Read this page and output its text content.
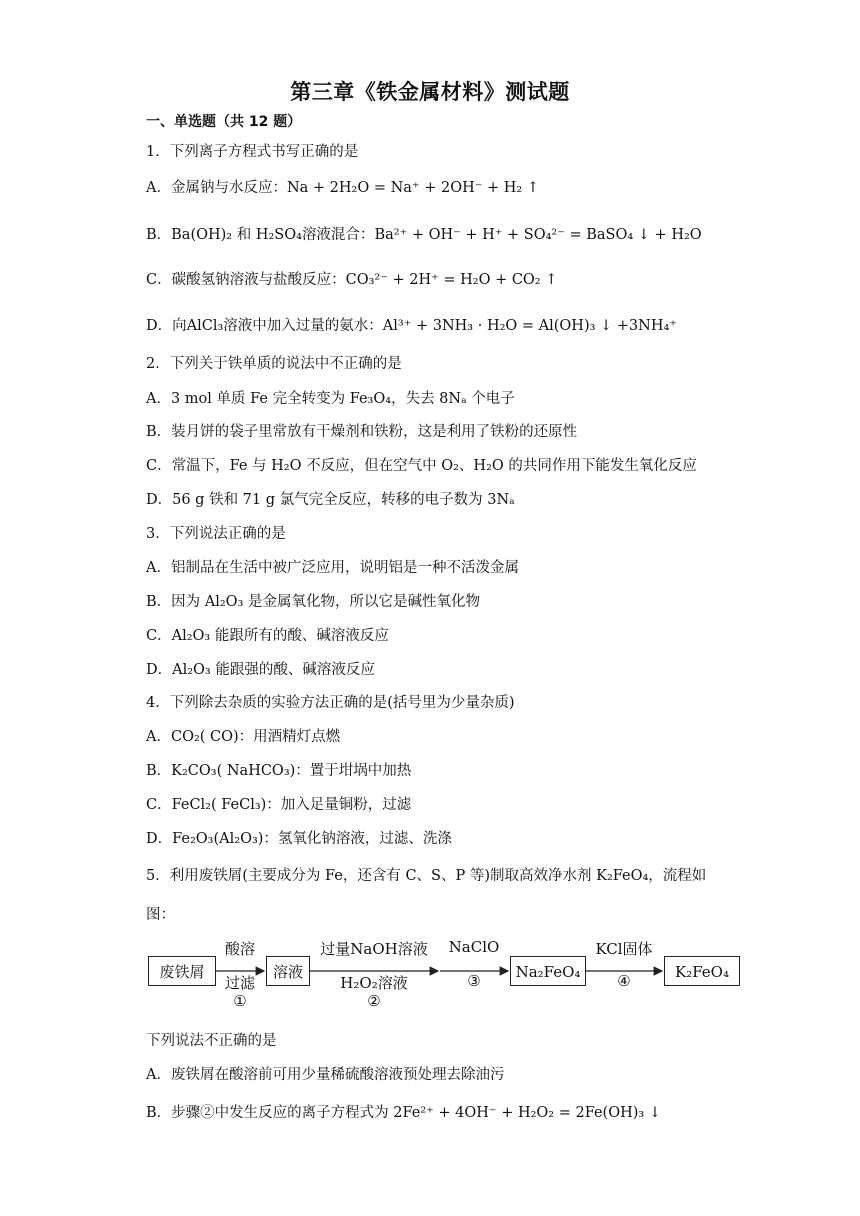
第三章《铁金属材料》测试题
一、单选题（共 12 题）
1．下列离子方程式书写正确的是
A．金属钠与水反应：Na + 2H₂O = Na⁺ + 2OH⁻ + H₂ ↑
B．Ba(OH)₂ 和 H₂SO₄溶液混合：Ba²⁺ + OH⁻ + H⁺ + SO₄²⁻ = BaSO₄ ↓ + H₂O
C．碳酸氢钠溶液与盐酸反应：CO₃²⁻ + 2H⁺ = H₂O + CO₂ ↑
D．向AlCl₃溶液中加入过量的氨水：Al³⁺ + 3NH₃ · H₂O = Al(OH)₃ ↓ +3NH₄⁺
2．下列关于铁单质的说法中不正确的是
A．3 mol 单质 Fe 完全转变为 Fe₃O₄，失去 8Nₐ 个电子
B．装月饼的袋子里常放有干燥剂和铁粉，这是利用了铁粉的还原性
C．常温下，Fe 与 H₂O 不反应，但在空气中 O₂、H₂O 的共同作用下能发生氧化反应
D．56 g 铁和 71 g 氯气完全反应，转移的电子数为 3Nₐ
3．下列说法正确的是
A．铝制品在生活中被广泛应用，说明铝是一种不活泼金属
B．因为 Al₂O₃ 是金属氧化物，所以它是碱性氧化物
C．Al₂O₃ 能跟所有的酸、碱溶液反应
D．Al₂O₃ 能跟强的酸、碱溶液反应
4．下列除去杂质的实验方法正确的是(括号里为少量杂质)
A．CO₂( CO)：用酒精灯点燃
B．K₂CO₃( NaHCO₃)：置于坩埚中加热
C．FeCl₂( FeCl₃)：加入足量铜粉，过滤
D．Fe₂O₃(Al₂O₃)：氢氧化钠溶液，过滤、洗涤
5．利用废铁屑(主要成分为 Fe，还含有 C、S、P 等)制取高效净水剂 K₂FeO₄，流程如
图：
废铁屑
酸溶
过滤
①
溶液
过量NaOH溶液
H₂O₂溶液
②
NaClO
③	Na₂FeO₄
KCl固体
④	K₂FeO₄
下列说法不正确的是
A．废铁屑在酸溶前可用少量稀硫酸溶液预处理去除油污
B．步骤②中发生反应的离子方程式为 2Fe²⁺ + 4OH⁻ + H₂O₂ = 2Fe(OH)₃ ↓
